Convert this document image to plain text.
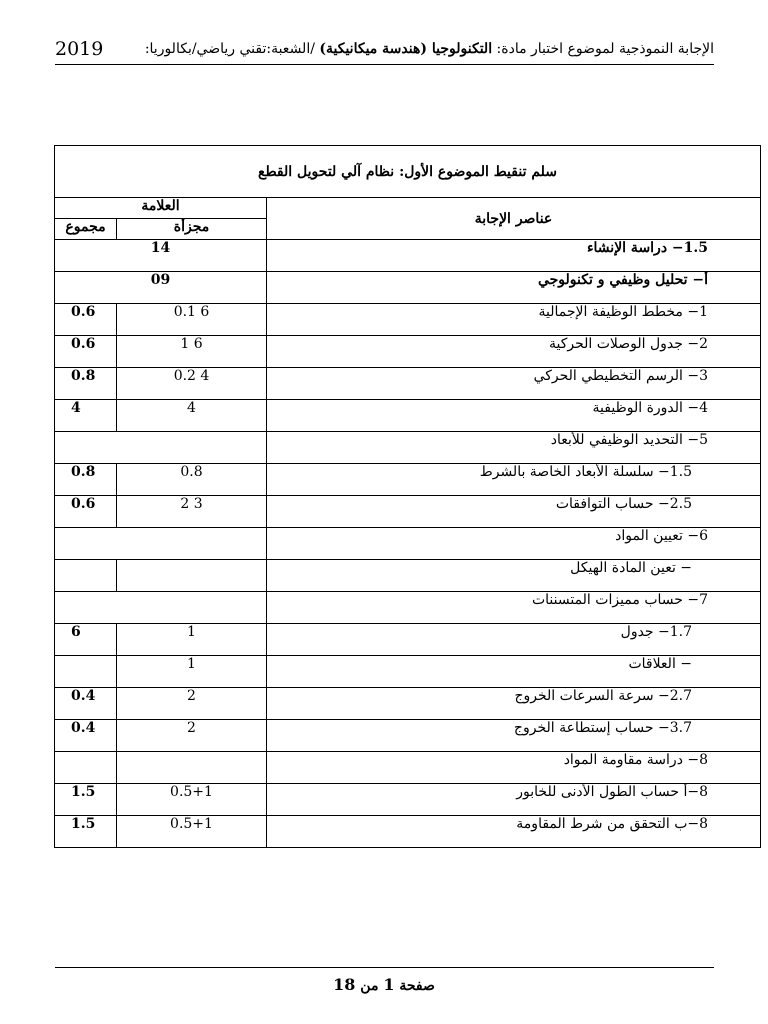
2019	الإجابة النموذجية لموضوع اختبار مادة: التكنولوجيا (هندسة ميكانيكية) /الشعبة:تقني رياضي/بكالوريا:
سلم تنقيط الموضوع الأول: نظام آلي لتحويل القطع		
العلامة		عناصر الإجابة
مجموع	مجزأة	
14		1.5− دراسة الإنشاء
09		أ− تحليل وظيفي و تكنولوجي
0.6	0.1 6	1− مخطط الوظيفة الإجمالية
0.6	1 6	2− جدول الوصلات الحركية
0.8	0.2 4	3− الرسم التخطيطي الحركي
4	4	4− الدورة الوظيفية
		5− التحديد الوظيفي للأبعاد
0.8	0.8	1.5− سلسلة الأبعاد الخاصة بالشرط
0.6	2 3	2.5− حساب التوافقات
		6− تعيين المواد
		− تعين المادة الهيكل
		7− حساب مميزات المتسننات
6	1	1.7− جدول
	1	− العلاقات
0.4	2	2.7− سرعة السرعات الخروج
0.4	2	3.7− حساب إستطاعة الخروج
		8− دراسة مقاومة المواد
1.5	0.5+1	8−أ حساب الطول الأدنى للخابور
1.5	0.5+1	8−ب التحقق من شرط المقاومة
صفحة 1 من 18
